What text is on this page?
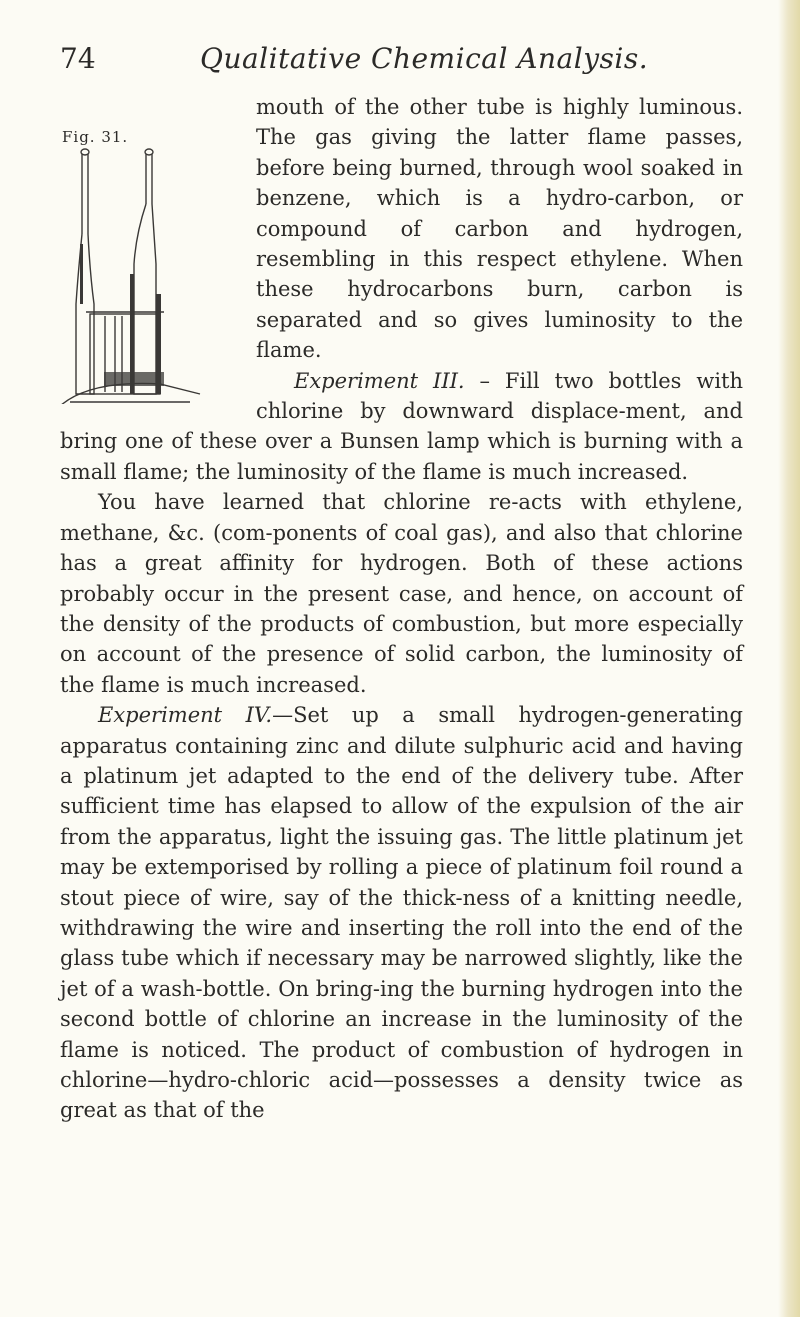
74	Qualitative Chemical Analysis.
Fig. 31.

mouth of the other tube is highly luminous. The gas giving the latter flame passes, before being burned, through wool soaked in benzene, which is a hydro-carbon, or compound of carbon and hydrogen, resembling in this respect ethylene. When these hydrocarbons burn, carbon is separated and so gives luminosity to the flame.

Experiment III. – Fill two bottles with chlorine by downward displace-ment, and bring one of these over a Bunsen lamp which is burning with a small flame; the luminosity of the flame is much increased.

You have learned that chlorine re-acts with ethylene, methane, &c. (com-ponents of coal gas), and also that chlorine has a great affinity for hydrogen. Both of these actions probably occur in the present case, and hence, on account of the density of the products of combustion, but more especially on account of the presence of solid carbon, the luminosity of the flame is much increased.

Experiment IV.—Set up a small hydrogen-generating apparatus containing zinc and dilute sulphuric acid and having a platinum jet adapted to the end of the delivery tube. After sufficient time has elapsed to allow of the expulsion of the air from the apparatus, light the issuing gas. The little platinum jet may be extemporised by rolling a piece of platinum foil round a stout piece of wire, say of the thick-ness of a knitting needle, withdrawing the wire and inserting the roll into the end of the glass tube which if necessary may be narrowed slightly, like the jet of a wash-bottle. On bring-ing the burning hydrogen into the second bottle of chlorine an increase in the luminosity of the flame is noticed. The product of combustion of hydrogen in chlorine—hydro-chloric acid—possesses a density twice as great as that of the
